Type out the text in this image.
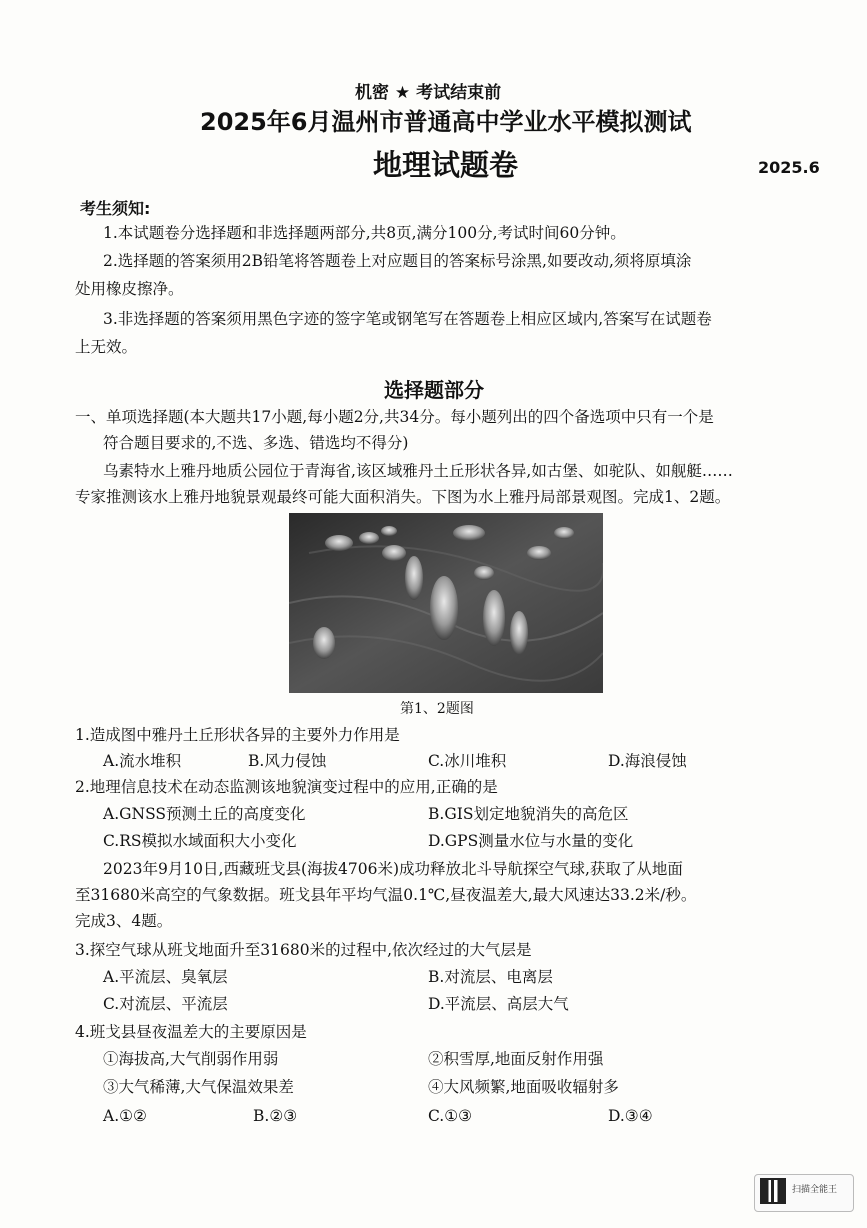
机密 ★ 考试结束前
2025年6月温州市普通高中学业水平模拟测试
地理试题卷	2025.6
考生须知:
1.本试题卷分选择题和非选择题两部分,共8页,满分100分,考试时间60分钟。
2.选择题的答案须用2B铅笔将答题卷上对应题目的答案标号涂黑,如要改动,须将原填涂
处用橡皮擦净。
3.非选择题的答案须用黑色字迹的签字笔或钢笔写在答题卷上相应区域内,答案写在试题卷
上无效。
选择题部分
一、单项选择题(本大题共17小题,每小题2分,共34分。每小题列出的四个备选项中只有一个是
符合题目要求的,不选、多选、错选均不得分)
乌素特水上雅丹地质公园位于青海省,该区域雅丹土丘形状各异,如古堡、如驼队、如舰艇……
专家推测该水上雅丹地貌景观最终可能大面积消失。下图为水上雅丹局部景观图。完成1、2题。
第1、2题图
1.造成图中雅丹土丘形状各异的主要外力作用是
A.流水堆积	B.风力侵蚀	C.冰川堆积	D.海浪侵蚀
2.地理信息技术在动态监测该地貌演变过程中的应用,正确的是
A.GNSS预测土丘的高度变化	B.GIS划定地貌消失的高危区
C.RS模拟水域面积大小变化	D.GPS测量水位与水量的变化
2023年9月10日,西藏班戈县(海拔4706米)成功释放北斗导航探空气球,获取了从地面
至31680米高空的气象数据。班戈县年平均气温0.1℃,昼夜温差大,最大风速达33.2米/秒。
完成3、4题。
3.探空气球从班戈地面升至31680米的过程中,依次经过的大气层是
A.平流层、臭氧层	B.对流层、电离层
C.对流层、平流层	D.平流层、高层大气
4.班戈县昼夜温差大的主要原因是
①海拔高,大气削弱作用弱	②积雪厚,地面反射作用强
③大气稀薄,大气保温效果差	④大风频繁,地面吸收辐射多
A.①②	B.②③	C.①③	D.③④
扫描全能王
